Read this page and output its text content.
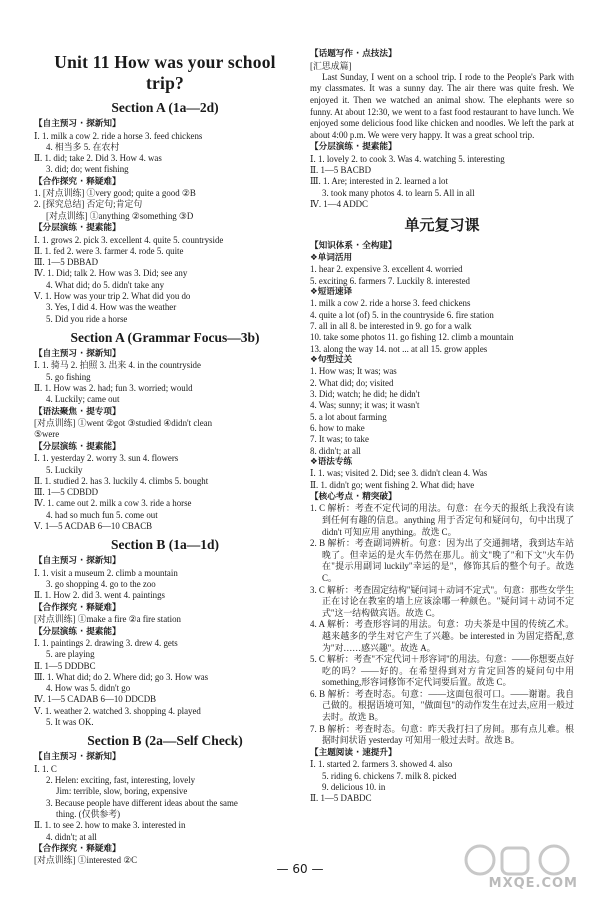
Unit 11 How was your school trip?
Section A (1a—2d)
【自主预习 · 探新知】
Ⅰ. 1. milk a cow 2. ride a horse 3. feed chickens
4. 相当多 5. 在农村
Ⅱ. 1. did; take 2. Did 3. How 4. was
3. did; do; went fishing
【合作探究 · 释疑难】
1. [对点训练] ①very good; quite a good ②B
2. [探究总结] 否定句;肯定句
[对点训练] ①anything ②something ③D
【分层演练 · 提素能】
Ⅰ. 1. grows 2. pick 3. excellent 4. quite 5. countryside
Ⅱ. 1. fed 2. were 3. farmer 4. rode 5. quite
Ⅲ. 1—5 DBBAD
Ⅳ. 1. Did; talk 2. How was 3. Did; see any
4. What did; do 5. didn't take any
Ⅴ. 1. How was your trip 2. What did you do
3. Yes, I did 4. How was the weather
5. Did you ride a horse
Section A (Grammar Focus—3b)
【自主预习 · 探新知】
Ⅰ. 1. 骑马 2. 拍照 3. 出来 4. in the countryside
5. go fishing
Ⅱ. 1. How was 2. had; fun 3. worried; would
4. Luckily; came out
【语法聚焦 · 提专项】
[对点训练] ①went ②got ③studied ④didn't clean
⑤were
【分层演练 · 提素能】
Ⅰ. 1. yesterday 2. worry 3. sun 4. flowers
5. Luckily
Ⅱ. 1. studied 2. has 3. luckily 4. climbs 5. bought
Ⅲ. 1—5 CDBDD
Ⅳ. 1. came out 2. milk a cow 3. ride a horse
4. had so much fun 5. come out
Ⅴ. 1—5 ACDAB 6—10 CBACB
Section B (1a—1d)
【自主预习 · 探新知】
Ⅰ. 1. visit a museum 2. climb a mountain
3. go shopping 4. go to the zoo
Ⅱ. 1. How 2. did 3. went 4. paintings
【合作探究 · 释疑难】
[对点训练] ①make a fire ②a fire station
【分层演练 · 提素能】
Ⅰ. 1. paintings 2. drawing 3. drew 4. gets
5. are playing
Ⅱ. 1—5 DDDBC
Ⅲ. 1. What did; do 2. Where did; go 3. How was
4. How was 5. didn't go
Ⅳ. 1—5 CADAB 6—10 DDCDB
Ⅴ. 1. weather 2. watched 3. shopping 4. played
5. It was OK.
Section B (2a—Self Check)
【自主预习 · 探新知】
Ⅰ. 1. C
2. Helen: exciting, fast, interesting, lovely
Jim: terrible, slow, boring, expensive
3. Because people have different ideas about the same
thing. (仅供参考)
Ⅱ. 1. to see 2. how to make 3. interested in
4. didn't; at all
【合作探究 · 释疑难】
[对点训练] ①interested ②C
【话题写作 · 点技法】
[汇思成篇]
Last Sunday, I went on a school trip. I rode to the People's Park with my classmates. It was a sunny day. The air there was quite fresh. We enjoyed it. Then we watched an animal show. The elephants were so funny. At about 12:30, we went to a fast food restaurant to have lunch. We enjoyed some delicious food like chicken and noodles. We left the park at about 4:00 p.m. We were very happy. It was a great school trip.
【分层演练 · 提素能】
Ⅰ. 1. lovely 2. to cook 3. Was 4. watching 5. interesting
Ⅱ. 1—5 BACBD
Ⅲ. 1. Are; interested in 2. learned a lot
3. took many photos 4. to learn 5. All in all
Ⅳ. 1—4 ADDC
单元复习课
【知识体系 · 全构建】
❖单词活用
1. hear 2. expensive 3. excellent 4. worried
5. exciting 6. farmers 7. Luckily 8. interested
❖短语速译
1. milk a cow 2. ride a horse 3. feed chickens
4. quite a lot (of) 5. in the countryside 6. fire station
7. all in all 8. be interested in 9. go for a walk
10. take some photos 11. go fishing 12. climb a mountain
13. along the way 14. not ... at all 15. grow apples
❖句型过关
1. How was; It was; was
2. What did; do; visited
3. Did; watch; he did; he didn't
4. Was; sunny; it was; it wasn't
5. a lot about farming
6. how to make
7. It was; to take
8. didn't; at all
❖语法专练
Ⅰ. 1. was; visited 2. Did; see 3. didn't clean 4. Was
Ⅱ. 1. didn't go; went fishing 2. What did; have
【核心考点 · 精突破】
1. C 解析：考查不定代词的用法。句意：在今天的报纸上我没有读到任何有趣的信息。anything 用于否定句和疑问句，句中出现了 didn't 可知应用 anything。故选 C。
2. B 解析：考查副词辨析。句意：因为出了交通拥堵，我到达车站晚了。但幸运的是火车仍然在那儿。前文"晚了"和下文"火车仍在"提示用副词 luckily"幸运的是"，修饰其后的整个句子。故选 C。
3. C 解析：考查固定结构"疑问词＋动词不定式"。句意：那些女学生正在讨论在教室的墙上应该涂哪一种颜色。"疑问词＋动词不定式"这一结构做宾语。故选 C。
4. A 解析：考查形容词的用法。句意：功夫茶是中国的传统乙术。越来越多的学生对它产生了兴趣。be interested in 为固定搭配,意为"对……感兴趣"。故选 A。
5. C 解析：考查"不定代词＋形容词"的用法。句意：——你想要点好吃的吗？——好的。在希望得到对方肯定回答的疑问句中用 something,形容词修饰不定代词要后置。故选 C。
6. B 解析：考查时态。句意：——这面包很可口。——谢谢。我自己做的。根据语境可知，"做面包"的动作发生在过去,应用一般过去时。故选 B。
7. B 解析：考查时态。句意：昨天我打扫了房间。那有点儿难。根据时间状语 yesterday 可知用一般过去时。故选 B。
【主题阅读 · 速提升】
Ⅰ. 1. started 2. farmers 3. showed 4. also
5. riding 6. chickens 7. milk 8. picked
9. delicious 10. in
Ⅱ. 1—5 DABDC
— 60 —
MXQE.COM
